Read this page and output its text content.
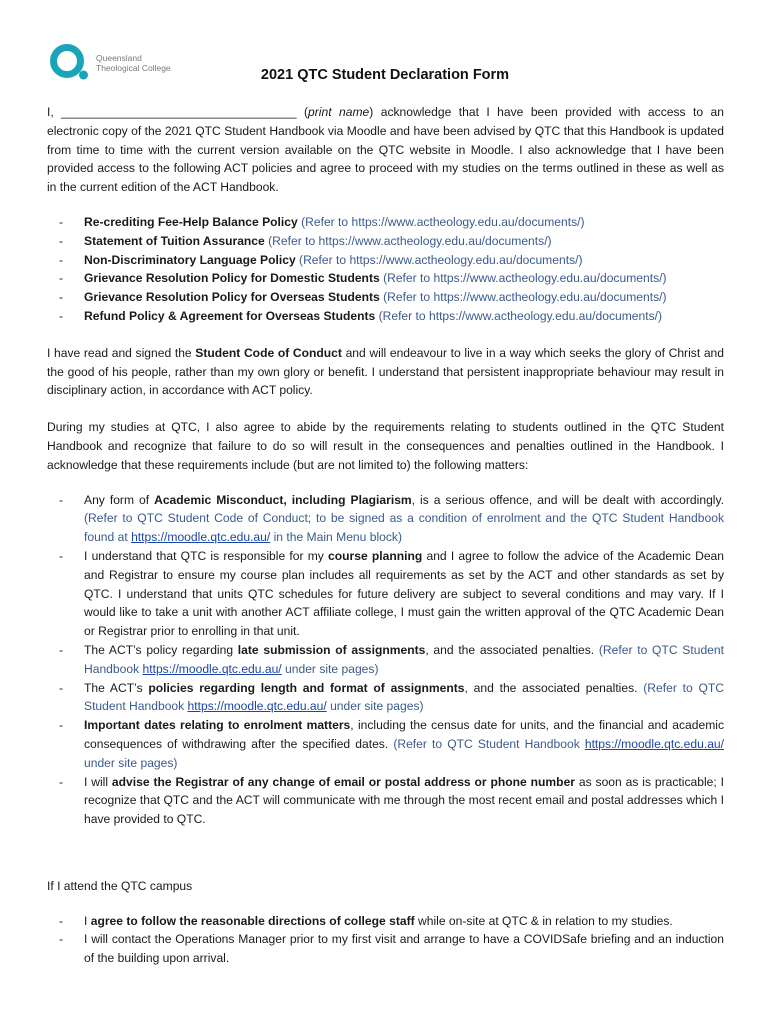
Queensland
Theological College	2021 QTC Student Declaration Form

I, ___________________________________ (print name) acknowledge that I have been provided with access to an electronic copy of the 2021 QTC Student Handbook via Moodle and have been advised by QTC that this Handbook is updated from time to time with the current version available on the QTC website in Moodle. I also acknowledge that I have been provided access to the following ACT policies and agree to proceed with my studies on the terms outlined in these as well as in the current edition of the ACT Handbook.

- Re-crediting Fee-Help Balance Policy (Refer to https://www.actheology.edu.au/documents/)
- Statement of Tuition Assurance (Refer to https://www.actheology.edu.au/documents/)
- Non-Discriminatory Language Policy (Refer to https://www.actheology.edu.au/documents/)
- Grievance Resolution Policy for Domestic Students (Refer to https://www.actheology.edu.au/documents/)
- Grievance Resolution Policy for Overseas Students (Refer to https://www.actheology.edu.au/documents/)
- Refund Policy & Agreement for Overseas Students (Refer to https://www.actheology.edu.au/documents/)

I have read and signed the Student Code of Conduct and will endeavour to live in a way which seeks the glory of Christ and the good of his people, rather than my own glory or benefit. I understand that persistent inappropriate behaviour may result in disciplinary action, in accordance with ACT policy.

During my studies at QTC, I also agree to abide by the requirements relating to students outlined in the QTC Student Handbook and recognize that failure to do so will result in the consequences and penalties outlined in the Handbook. I acknowledge that these requirements include (but are not limited to) the following matters:

- Any form of Academic Misconduct, including Plagiarism, is a serious offence, and will be dealt with accordingly. (Refer to QTC Student Code of Conduct; to be signed as a condition of enrolment and the QTC Student Handbook found at https://moodle.qtc.edu.au/ in the Main Menu block)
- I understand that QTC is responsible for my course planning and I agree to follow the advice of the Academic Dean and Registrar to ensure my course plan includes all requirements as set by the ACT and other standards as set by QTC. I understand that units QTC schedules for future delivery are subject to several conditions and may vary. If I would like to take a unit with another ACT affiliate college, I must gain the written approval of the QTC Academic Dean or Registrar prior to enrolling in that unit.
- The ACT’s policy regarding late submission of assignments, and the associated penalties. (Refer to QTC Student Handbook https://moodle.qtc.edu.au/ under site pages)
- The ACT’s policies regarding length and format of assignments, and the associated penalties. (Refer to QTC Student Handbook https://moodle.qtc.edu.au/ under site pages)
- Important dates relating to enrolment matters, including the census date for units, and the financial and academic consequences of withdrawing after the specified dates. (Refer to QTC Student Handbook https://moodle.qtc.edu.au/ under site pages)
- I will advise the Registrar of any change of email or postal address or phone number as soon as is practicable; I recognize that QTC and the ACT will communicate with me through the most recent email and postal addresses which I have provided to QTC.

If I attend the QTC campus

- I agree to follow the reasonable directions of college staff while on-site at QTC & in relation to my studies.
- I will contact the Operations Manager prior to my first visit and arrange to have a COVIDSafe briefing and an induction of the building upon arrival.
